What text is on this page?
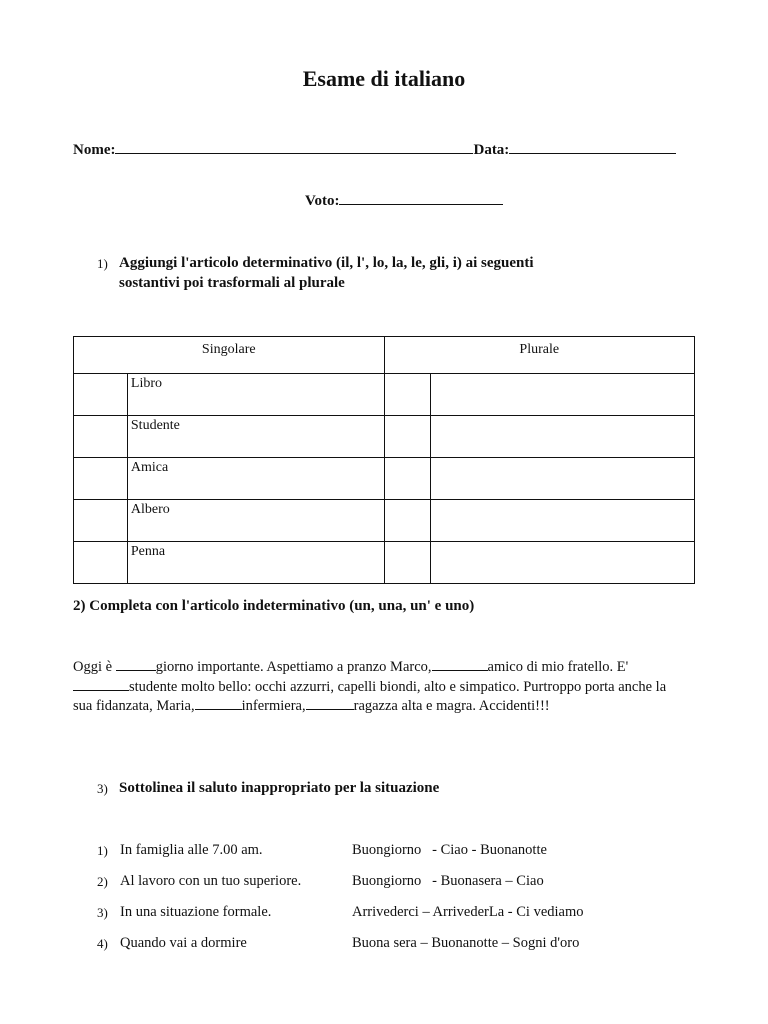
Esame di italiano
Nome:	Data:
Voto:
1) Aggiungi l'articolo determinativo (il, l', lo, la, le, gli, i) ai seguenti
sostantivi poi trasformali al plurale
Singolare		Plurale	
	Libro		
	Studente		
	Amica		
	Albero		
	Penna		
2) Completa con l'articolo indeterminativo (un, una, un' e uno)
Oggi è	giorno importante. Aspettiamo a pranzo Marco,	amico di mio fratello. E'studente molto bello: occhi azzurri, capelli biondi, alto e simpatico. Purtroppo porta anche la sua fidanzata, Maria,	infermiera,	ragazza alta e magra. Accidenti!!!
3) Sottolinea il saluto inappropriato per la situazione
1) In famiglia alle 7.00 am.	Buongiorno   - Ciao - Buonanotte
2) Al lavoro con un tuo superiore.	Buongiorno   - Buonasera – Ciao
3) In una situazione formale.	Arrivederci – ArrivederLa - Ci vediamo
4) Quando vai a dormire	Buona sera – Buonanotte – Sogni d'oro
